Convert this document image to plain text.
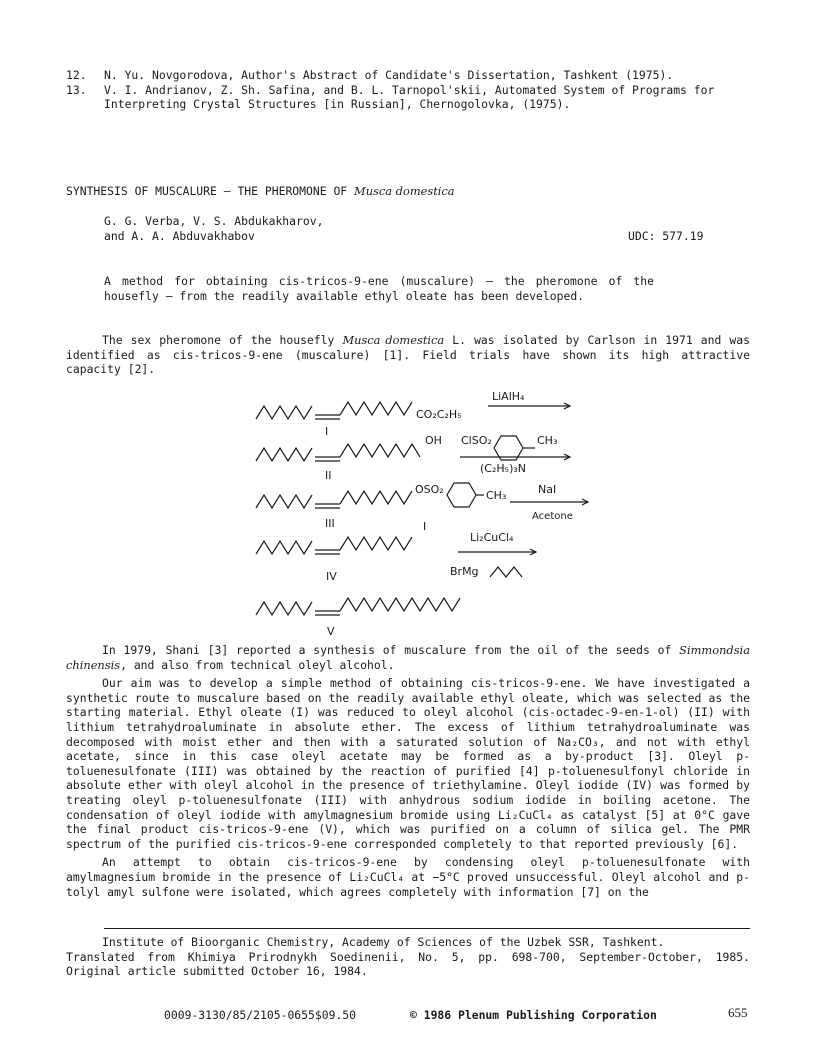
12.	N. Yu. Novgorodova, Author's Abstract of Candidate's Dissertation, Tashkent (1975).
13.	V. I. Andrianov, Z. Sh. Safina, and B. L. Tarnopol'skii, Automated System of Programs for Interpreting Crystal Structures [in Russian], Chernogolovka, (1975).
SYNTHESIS OF MUSCALURE — THE PHEROMONE OF Musca domestica
G. G. Verba, V. S. Abdukakharov,
and A. A. Abduvakhabov	UDC: 577.19

A method for obtaining cis-tricos-9-ene (muscalure) — the pheromone of the housefly — from the readily available ethyl oleate has been developed.

The sex pheromone of the housefly Musca domestica L. was isolated by Carlson in 1971 and was identified as cis-tricos-9-ene (muscalure) [1]. Field trials have shown its high attractive capacity [2].

LiAlH₄
CO₂C₂H₅
I
OH ClSO₂	CH₃
(C₂H₅)₃N
II
OSO₂	CH₃	NaI
Acetone
III	I
Li₂CuCl₄
BrMg
IV
V

In 1979, Shani [3] reported a synthesis of muscalure from the oil of the seeds of Simmondsia chinensis, and also from technical oleyl alcohol.

Our aim was to develop a simple method of obtaining cis-tricos-9-ene. We have investigated a synthetic route to muscalure based on the readily available ethyl oleate, which was selected as the starting material. Ethyl oleate (I) was reduced to oleyl alcohol (cis-octadec-9-en-1-ol) (II) with lithium tetrahydroaluminate in absolute ether. The excess of lithium tetrahydroaluminate was decomposed with moist ether and then with a saturated solution of Na₂CO₃, and not with ethyl acetate, since in this case oleyl acetate may be formed as a by-product [3]. Oleyl p-toluenesulfonate (III) was obtained by the reaction of purified [4] p-toluenesulfonyl chloride in absolute ether with oleyl alcohol in the presence of triethylamine. Oleyl iodide (IV) was formed by treating oleyl p-toluenesulfonate (III) with anhydrous sodium iodide in boiling acetone. The condensation of oleyl iodide with amylmagnesium bromide using Li₂CuCl₄ as catalyst [5] at 0°C gave the final product cis-tricos-9-ene (V), which was purified on a column of silica gel. The PMR spectrum of the purified cis-tricos-9-ene corresponded completely to that reported previously [6].

An attempt to obtain cis-tricos-9-ene by condensing oleyl p-toluenesulfonate with amylmagnesium bromide in the presence of Li₂CuCl₄ at −5°C proved unsuccessful. Oleyl alcohol and p-tolyl amyl sulfone were isolated, which agrees completely with information [7] on the

Institute of Bioorganic Chemistry, Academy of Sciences of the Uzbek SSR, Tashkent.

Translated from Khimiya Prirodnykh Soedinenii, No. 5, pp. 698-700, September-October, 1985. Original article submitted October 16, 1984.

0009-3130/85/2105-0655$09.50	© 1986 Plenum Publishing Corporation	655
